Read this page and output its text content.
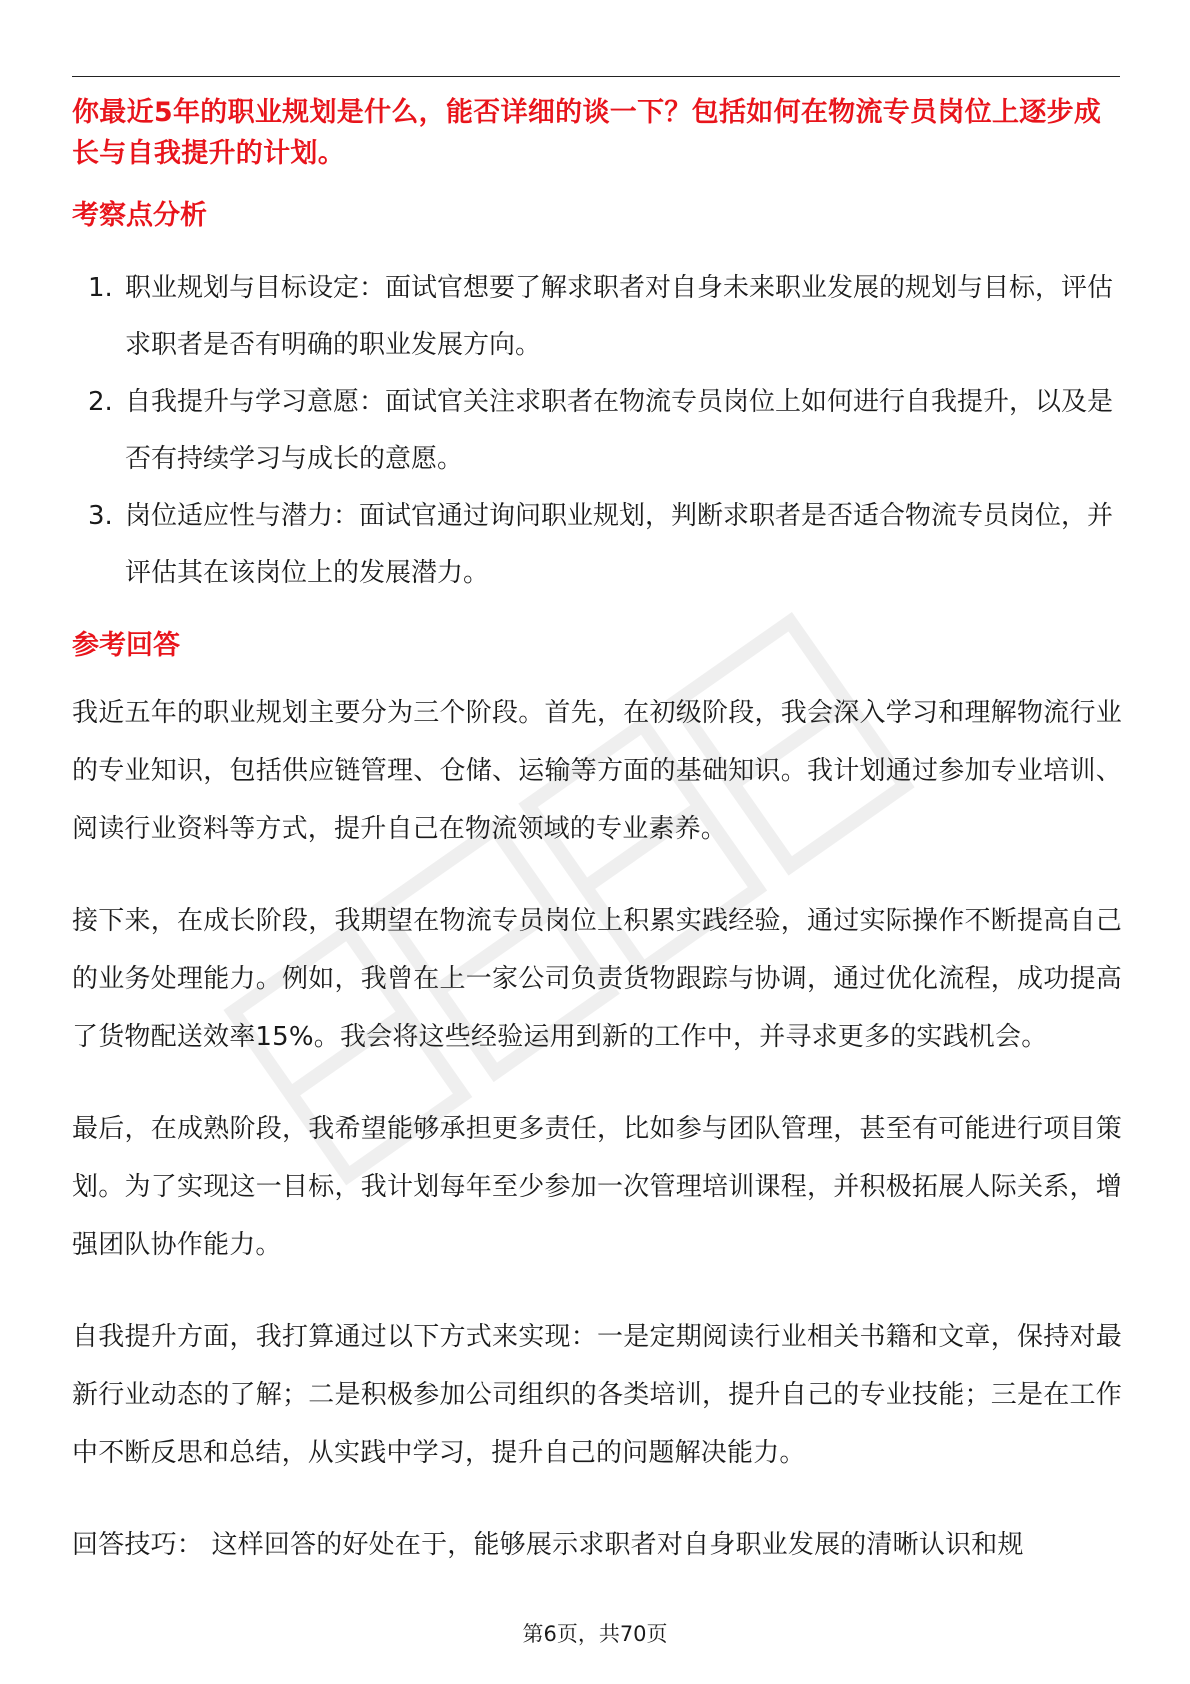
你最近5年的职业规划是什么，能否详细的谈一下？包括如何在物流专员岗位上逐步成长与自我提升的计划。

考察点分析

1. 职业规划与目标设定：面试官想要了解求职者对自身未来职业发展的规划与目标，评估求职者是否有明确的职业发展方向。
2. 自我提升与学习意愿：面试官关注求职者在物流专员岗位上如何进行自我提升，以及是否有持续学习与成长的意愿。
3. 岗位适应性与潜力：面试官通过询问职业规划，判断求职者是否适合物流专员岗位，并评估其在该岗位上的发展潜力。

参考回答

我近五年的职业规划主要分为三个阶段。首先，在初级阶段，我会深入学习和理解物流行业的专业知识，包括供应链管理、仓储、运输等方面的基础知识。我计划通过参加专业培训、阅读行业资料等方式，提升自己在物流领域的专业素养。

接下来，在成长阶段，我期望在物流专员岗位上积累实践经验，通过实际操作不断提高自己的业务处理能力。例如，我曾在上一家公司负责货物跟踪与协调，通过优化流程，成功提高了货物配送效率15%。我会将这些经验运用到新的工作中，并寻求更多的实践机会。

最后，在成熟阶段，我希望能够承担更多责任，比如参与团队管理，甚至有可能进行项目策划。为了实现这一目标，我计划每年至少参加一次管理培训课程，并积极拓展人际关系，增强团队协作能力。

自我提升方面，我打算通过以下方式来实现：一是定期阅读行业相关书籍和文章，保持对最新行业动态的了解；二是积极参加公司组织的各类培训，提升自己的专业技能；三是在工作中不断反思和总结，从实践中学习，提升自己的问题解决能力。

回答技巧： 这样回答的好处在于，能够展示求职者对自身职业发展的清晰认识和规

第6页，共70页
